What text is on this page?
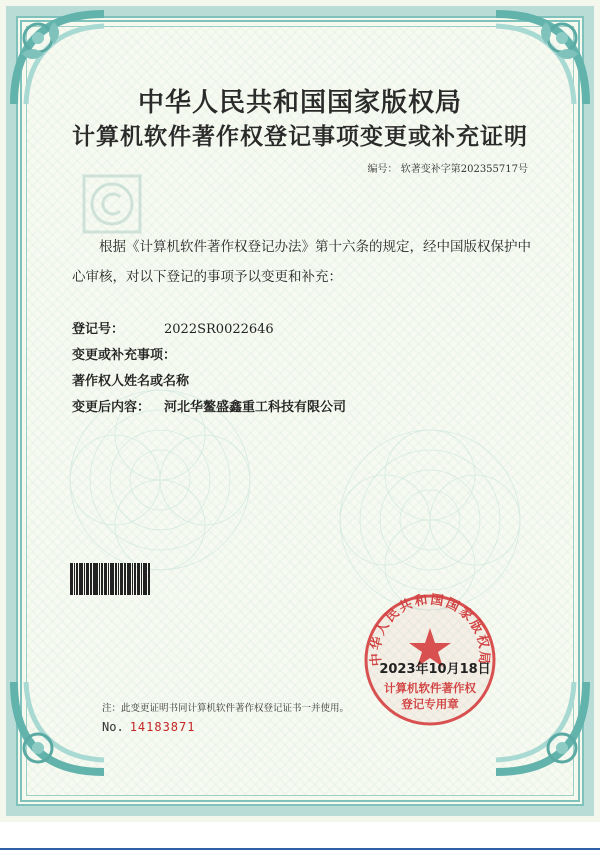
中华人民共和国国家版权局
计算机软件著作权登记事项变更或补充证明
编号： 软著变补字第202355717号
根据《计算机软件著作权登记办法》第十六条的规定，经中国版权保护中心审核，对以下登记的事项予以变更和补充：
登记号：	2022SR0022646
变更或补充事项：
著作权人姓名或名称
变更后内容： 河北华鳌盛鑫重工科技有限公司
中华人民共和国国家版权局
2023年10月18日
计算机软件著作权
登记专用章
注：此变更证明书同计算机软件著作权登记证书一并使用。
No. 14183871
